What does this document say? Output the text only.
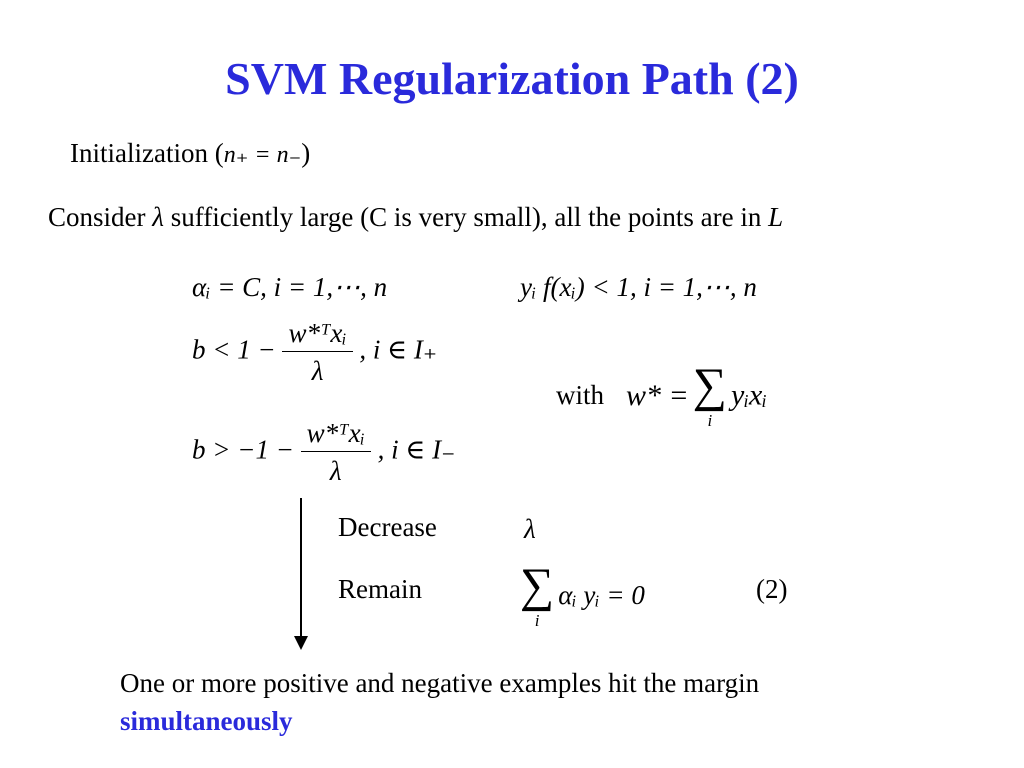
SVM Regularization Path (2)
Initialization (n₊ = n₋)
Consider λ sufficiently large (C is very small), all the points are in L
αᵢ = C, i = 1,⋯, n	yᵢ f(xᵢ) < 1, i = 1,⋯, n
$b < 1 - \frac{\text{w*ᵀxᵢ}}{\lambda}$ , i ∈ I₊
with w* = ∑
i
yᵢxᵢ
$b > -1 - \frac{\text{w*ᵀxᵢ}}{\lambda}$ , i ∈ I₋
Decrease	λ
Remain ∑
i
αᵢ yᵢ = 0	(2)
One or more positive and negative examples hit the margin
simultaneously
